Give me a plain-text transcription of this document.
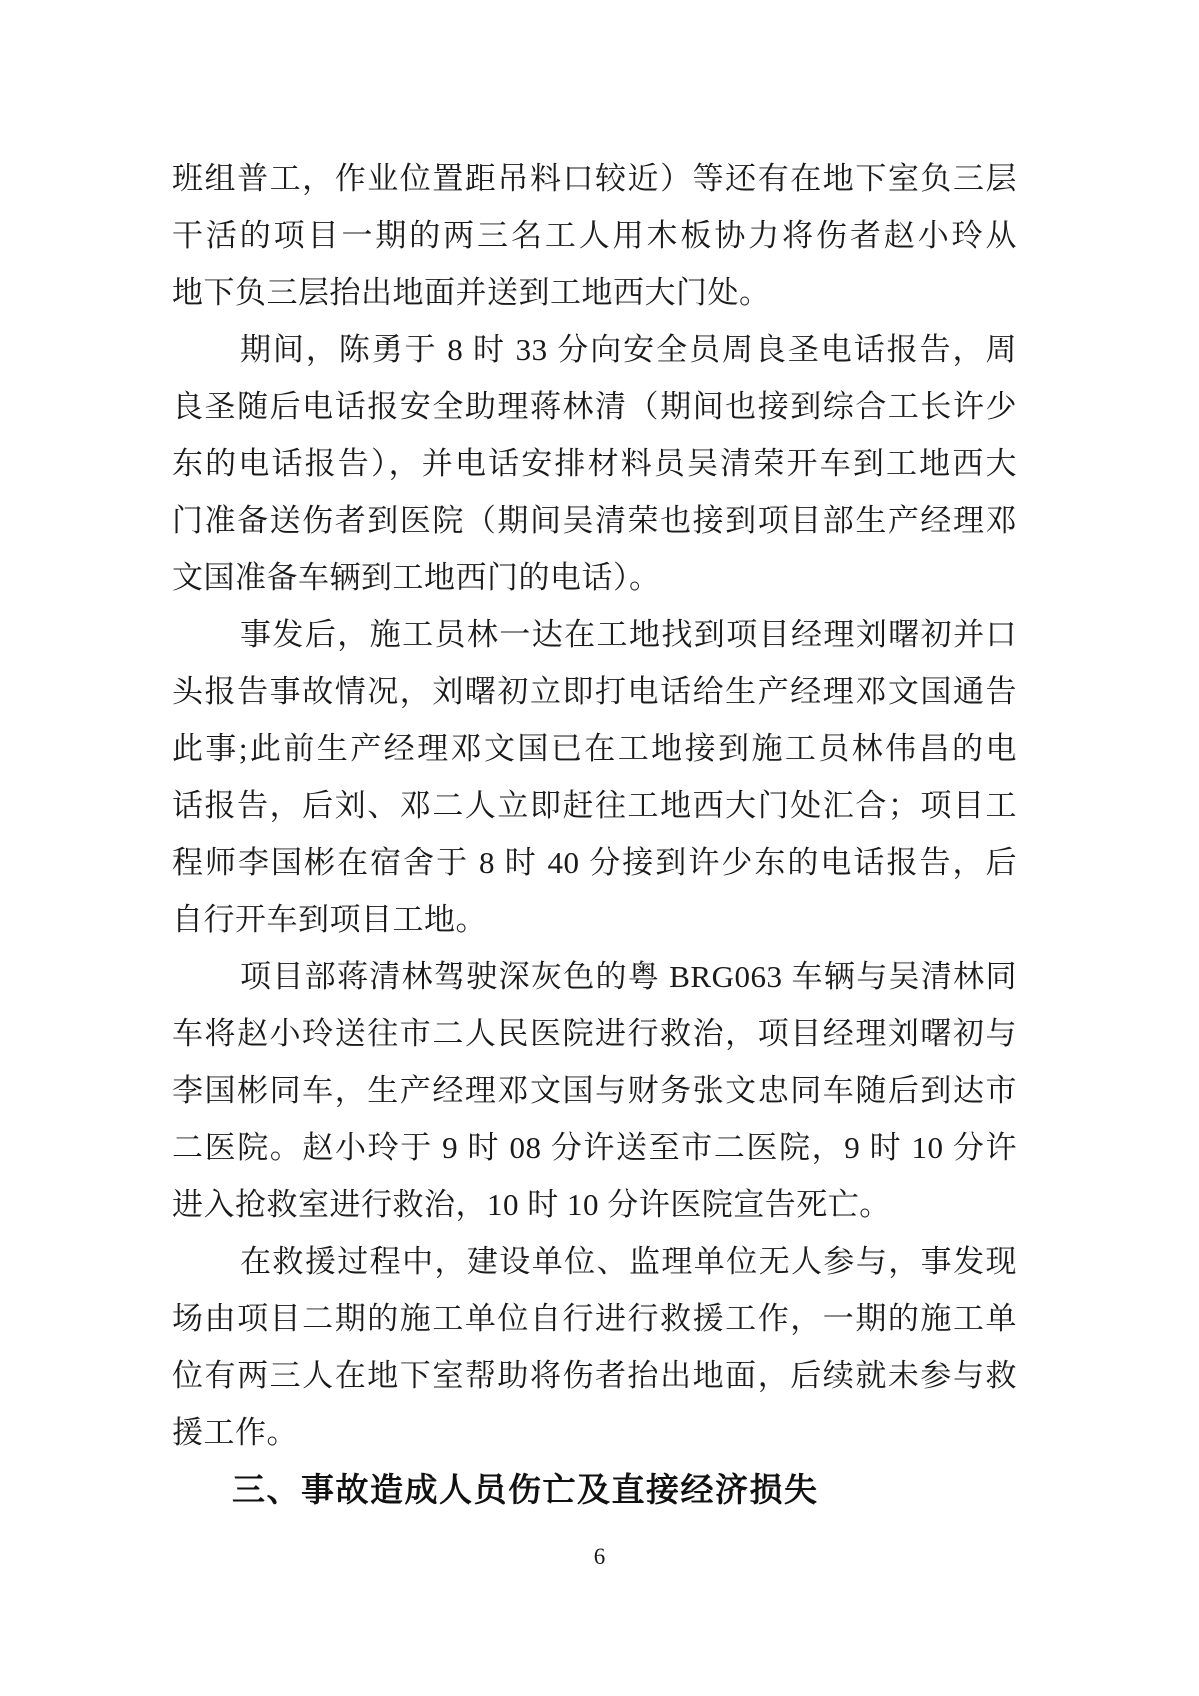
班组普工，作业位置距吊料口较近）等还有在地下室负三层
干活的项目一期的两三名工人用木板协力将伤者赵小玲从
地下负三层抬出地面并送到工地西大门处。
期间，陈勇于 8 时 33 分向安全员周良圣电话报告，周
良圣随后电话报安全助理蒋林清（期间也接到综合工长许少
东的电话报告），并电话安排材料员吴清荣开车到工地西大
门准备送伤者到医院（期间吴清荣也接到项目部生产经理邓
文国准备车辆到工地西门的电话）。
事发后，施工员林一达在工地找到项目经理刘曙初并口
头报告事故情况，刘曙初立即打电话给生产经理邓文国通告
此事;此前生产经理邓文国已在工地接到施工员林伟昌的电
话报告，后刘、邓二人立即赶往工地西大门处汇合；项目工
程师李国彬在宿舍于 8 时 40 分接到许少东的电话报告，后
自行开车到项目工地。
项目部蒋清林驾驶深灰色的粤 BRG063 车辆与吴清林同
车将赵小玲送往市二人民医院进行救治，项目经理刘曙初与
李国彬同车，生产经理邓文国与财务张文忠同车随后到达市
二医院。赵小玲于 9 时 08 分许送至市二医院，9 时 10 分许
进入抢救室进行救治，10 时 10 分许医院宣告死亡。
在救援过程中，建设单位、监理单位无人参与，事发现
场由项目二期的施工单位自行进行救援工作，一期的施工单
位有两三人在地下室帮助将伤者抬出地面，后续就未参与救
援工作。
三、事故造成人员伤亡及直接经济损失
6
